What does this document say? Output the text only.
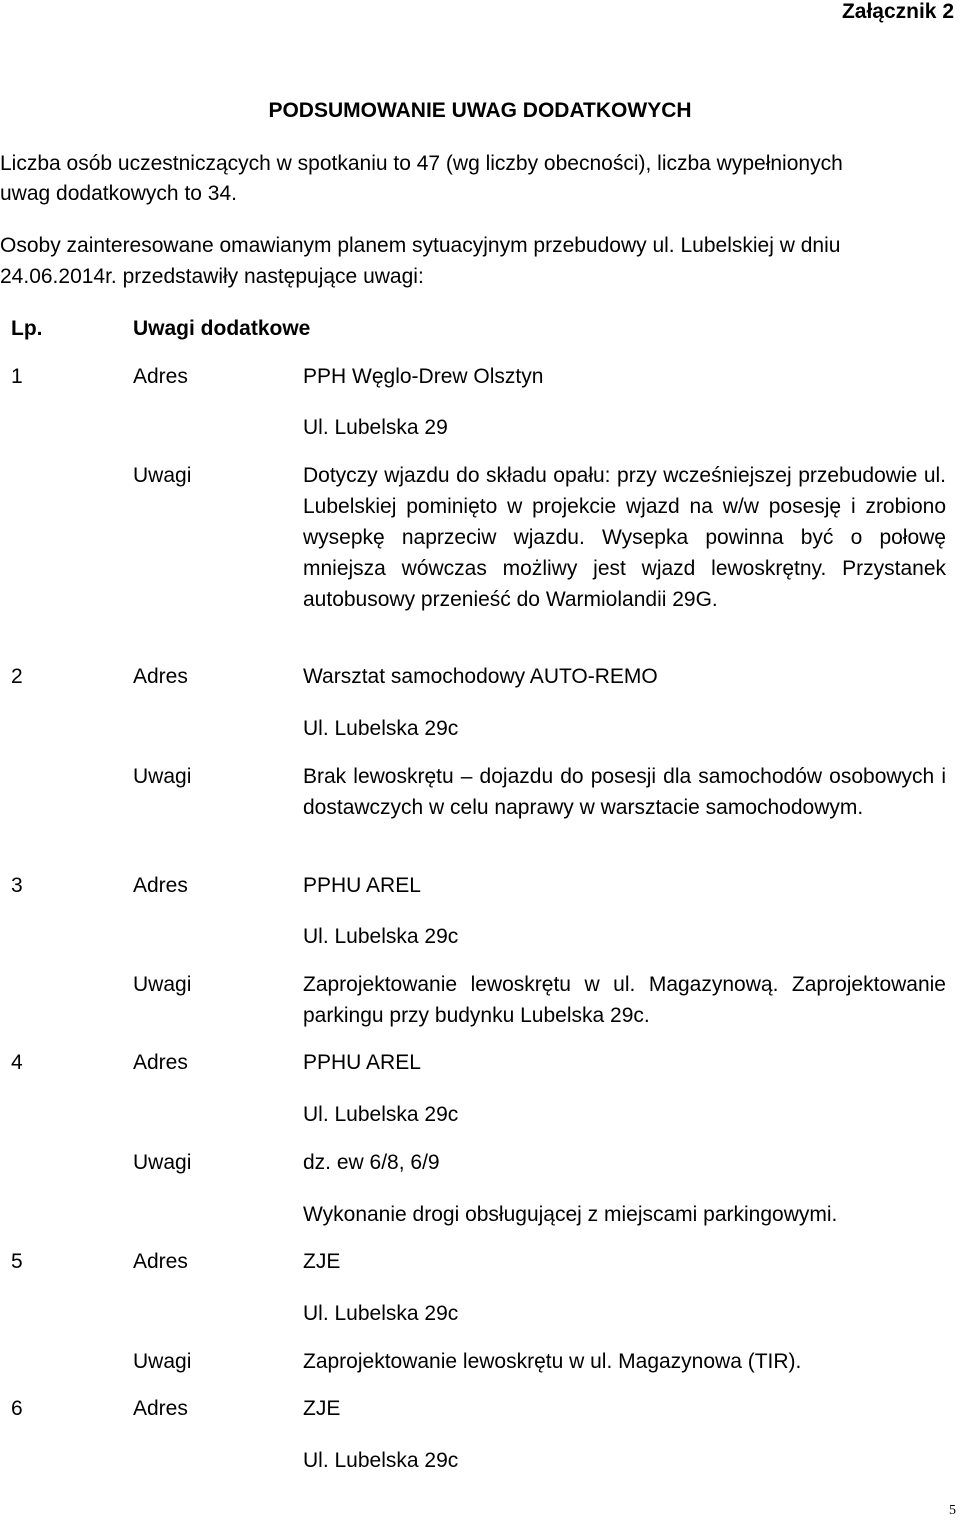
Załącznik 2
PODSUMOWANIE UWAG DODATKOWYCH
Liczba osób uczestniczących w spotkaniu to 47 (wg liczby obecności), liczba wypełnionych
uwag dodatkowych to 34.
Osoby zainteresowane omawianym planem sytuacyjnym przebudowy ul. Lubelskiej w dniu
24.06.2014r. przedstawiły następujące uwagi:
Lp.	Uwagi dodatkowe
1	Adres	PPH Węglo-Drew Olsztyn
Ul. Lubelska 29
Uwagi	Dotyczy wjazdu do składu opału: przy wcześniejszej przebudowie ul. Lubelskiej pominięto w projekcie wjazd na w/w posesję i zrobiono wysepkę naprzeciw wjazdu. Wysepka powinna być o połowę mniejsza wówczas możliwy jest wjazd lewoskrętny. Przystanek autobusowy przenieść do Warmiolandii 29G.
2	Adres	Warsztat samochodowy AUTO-REMO
Ul. Lubelska 29c
Uwagi	Brak lewoskrętu – dojazdu do posesji dla samochodów osobowych i dostawczych w celu naprawy w warsztacie samochodowym.
3	Adres	PPHU AREL
Ul. Lubelska 29c
Uwagi	Zaprojektowanie lewoskrętu w ul. Magazynową. Zaprojektowanie parkingu przy budynku Lubelska 29c.
4	Adres	PPHU AREL
Ul. Lubelska 29c
Uwagi	dz. ew 6/8, 6/9
Wykonanie drogi obsługującej z miejscami parkingowymi.
5	Adres	ZJE
Ul. Lubelska 29c
Uwagi	Zaprojektowanie lewoskrętu w ul. Magazynowa (TIR).
6	Adres	ZJE
Ul. Lubelska 29c
5
